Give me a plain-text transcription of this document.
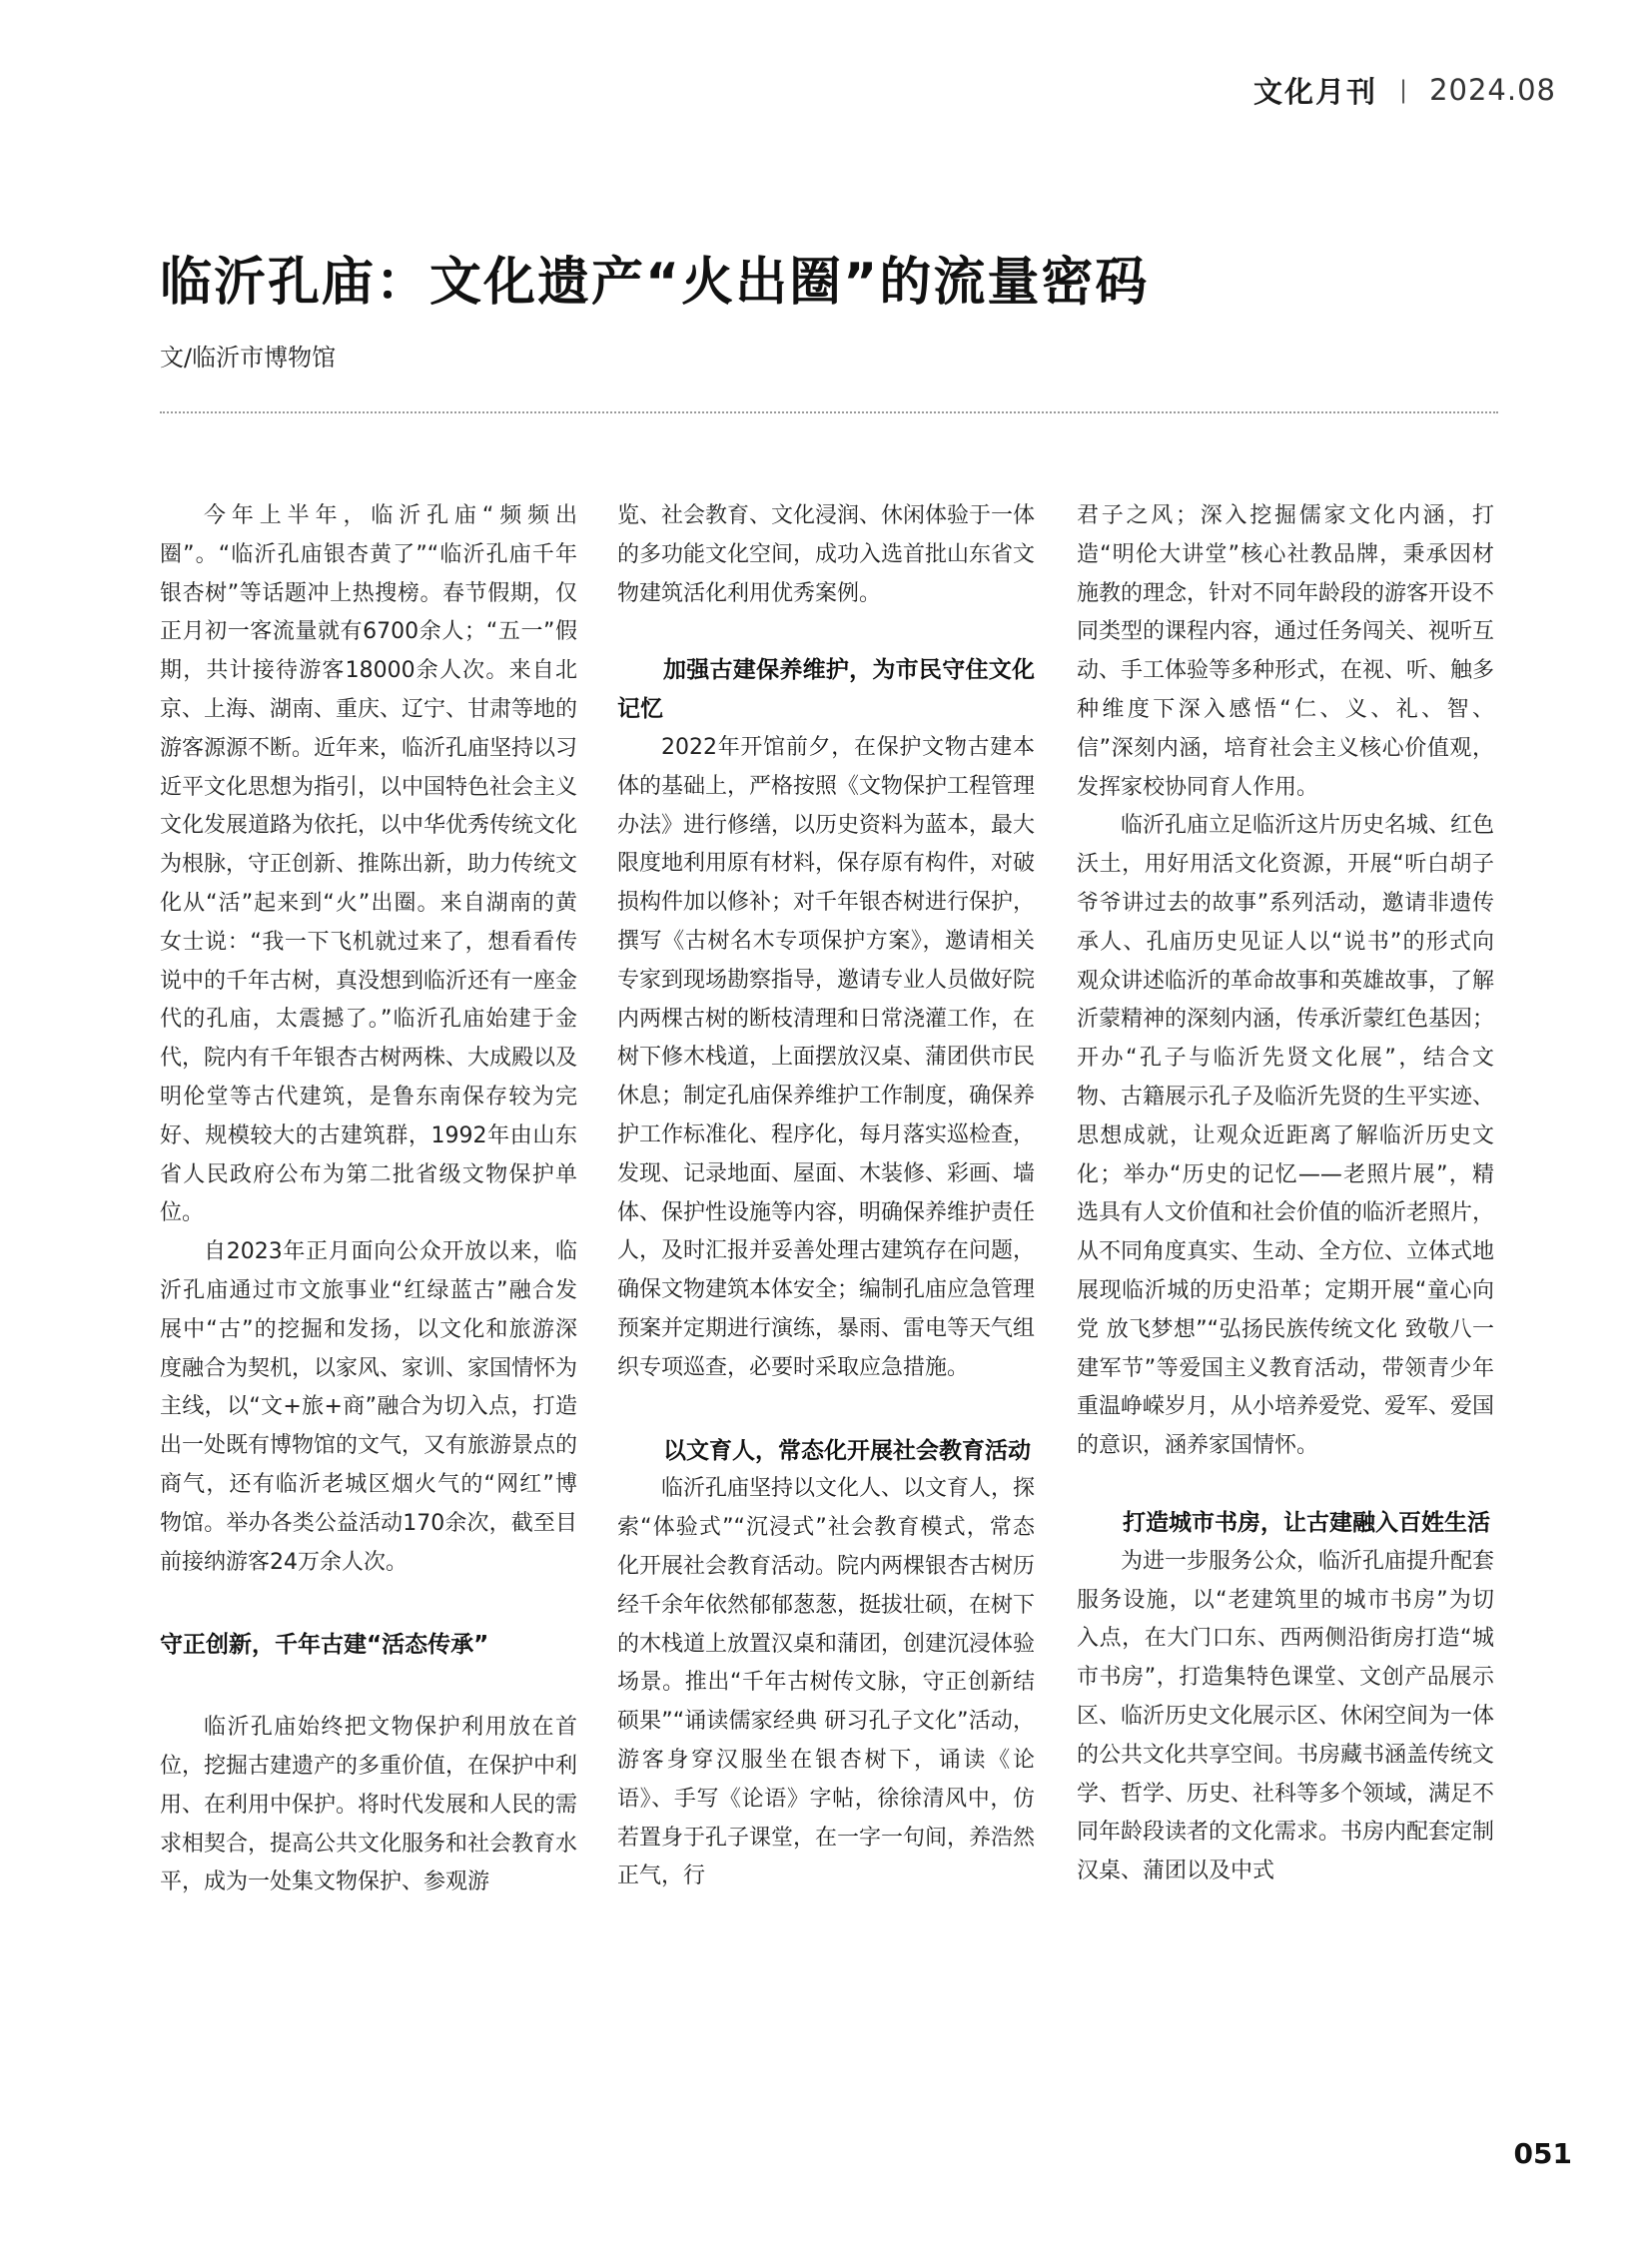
文化月刊 | 2024.08
临沂孔庙：文化遗产“火出圈”的流量密码

文/临沂市博物馆

今年上半年，临沂孔庙“频频出圈”。“临沂孔庙银杏黄了”“临沂孔庙千年银杏树”等话题冲上热搜榜。春节假期，仅正月初一客流量就有6700余人；“五一”假期，共计接待游客18000余人次。来自北京、上海、湖南、重庆、辽宁、甘肃等地的游客源源不断。近年来，临沂孔庙坚持以习近平文化思想为指引，以中国特色社会主义文化发展道路为依托，以中华优秀传统文化为根脉，守正创新、推陈出新，助力传统文化从“活”起来到“火”出圈。来自湖南的黄女士说：“我一下飞机就过来了，想看看传说中的千年古树，真没想到临沂还有一座金代的孔庙，太震撼了。”临沂孔庙始建于金代，院内有千年银杏古树两株、大成殿以及明伦堂等古代建筑，是鲁东南保存较为完好、规模较大的古建筑群，1992年由山东省人民政府公布为第二批省级文物保护单位。

自2023年正月面向公众开放以来，临沂孔庙通过市文旅事业“红绿蓝古”融合发展中“古”的挖掘和发扬，以文化和旅游深度融合为契机，以家风、家训、家国情怀为主线，以“文+旅+商”融合为切入点，打造出一处既有博物馆的文气，又有旅游景点的商气，还有临沂老城区烟火气的“网红”博物馆。举办各类公益活动170余次，截至目前接纳游客24万余人次。

守正创新，千年古建“活态传承”

临沂孔庙始终把文物保护利用放在首位，挖掘古建遗产的多重价值，在保护中利用、在利用中保护。将时代发展和人民的需求相契合，提高公共文化服务和社会教育水平，成为一处集文物保护、参观游

览、社会教育、文化浸润、休闲体验于一体的多功能文化空间，成功入选首批山东省文物建筑活化利用优秀案例。

加强古建保养维护，为市民守住文化记忆

2022年开馆前夕，在保护文物古建本体的基础上，严格按照《文物保护工程管理办法》进行修缮，以历史资料为蓝本，最大限度地利用原有材料，保存原有构件，对破损构件加以修补；对千年银杏树进行保护，撰写《古树名木专项保护方案》，邀请相关专家到现场勘察指导，邀请专业人员做好院内两棵古树的断枝清理和日常浇灌工作，在树下修木栈道，上面摆放汉桌、蒲团供市民休息；制定孔庙保养维护工作制度，确保养护工作标准化、程序化，每月落实巡检查，发现、记录地面、屋面、木装修、彩画、墙体、保护性设施等内容，明确保养维护责任人，及时汇报并妥善处理古建筑存在问题，确保文物建筑本体安全；编制孔庙应急管理预案并定期进行演练，暴雨、雷电等天气组织专项巡查，必要时采取应急措施。

以文育人，常态化开展社会教育活动

临沂孔庙坚持以文化人、以文育人，探索“体验式”“沉浸式”社会教育模式，常态化开展社会教育活动。院内两棵银杏古树历经千余年依然郁郁葱葱，挺拔壮硕，在树下的木栈道上放置汉桌和蒲团，创建沉浸体验场景。推出“千年古树传文脉，守正创新结硕果”“诵读儒家经典 研习孔子文化”活动，游客身穿汉服坐在银杏树下，诵读《论语》、手写《论语》字帖，徐徐清风中，仿若置身于孔子课堂，在一字一句间，养浩然正气，行

君子之风；深入挖掘儒家文化内涵，打造“明伦大讲堂”核心社教品牌，秉承因材施教的理念，针对不同年龄段的游客开设不同类型的课程内容，通过任务闯关、视听互动、手工体验等多种形式，在视、听、触多种维度下深入感悟“仁、义、礼、智、信”深刻内涵，培育社会主义核心价值观，发挥家校协同育人作用。

临沂孔庙立足临沂这片历史名城、红色沃土，用好用活文化资源，开展“听白胡子爷爷讲过去的故事”系列活动，邀请非遗传承人、孔庙历史见证人以“说书”的形式向观众讲述临沂的革命故事和英雄故事，了解沂蒙精神的深刻内涵，传承沂蒙红色基因；开办“孔子与临沂先贤文化展”，结合文物、古籍展示孔子及临沂先贤的生平实迹、思想成就，让观众近距离了解临沂历史文化；举办“历史的记忆——老照片展”，精选具有人文价值和社会价值的临沂老照片，从不同角度真实、生动、全方位、立体式地展现临沂城的历史沿革；定期开展“童心向党 放飞梦想”“弘扬民族传统文化 致敬八一建军节”等爱国主义教育活动，带领青少年重温峥嵘岁月，从小培养爱党、爱军、爱国的意识，涵养家国情怀。

打造城市书房，让古建融入百姓生活

为进一步服务公众，临沂孔庙提升配套服务设施，以“老建筑里的城市书房”为切入点，在大门口东、西两侧沿街房打造“城市书房”，打造集特色课堂、文创产品展示区、临沂历史文化展示区、休闲空间为一体的公共文化共享空间。书房藏书涵盖传统文学、哲学、历史、社科等多个领域，满足不同年龄段读者的文化需求。书房内配套定制汉桌、蒲团以及中式

051
